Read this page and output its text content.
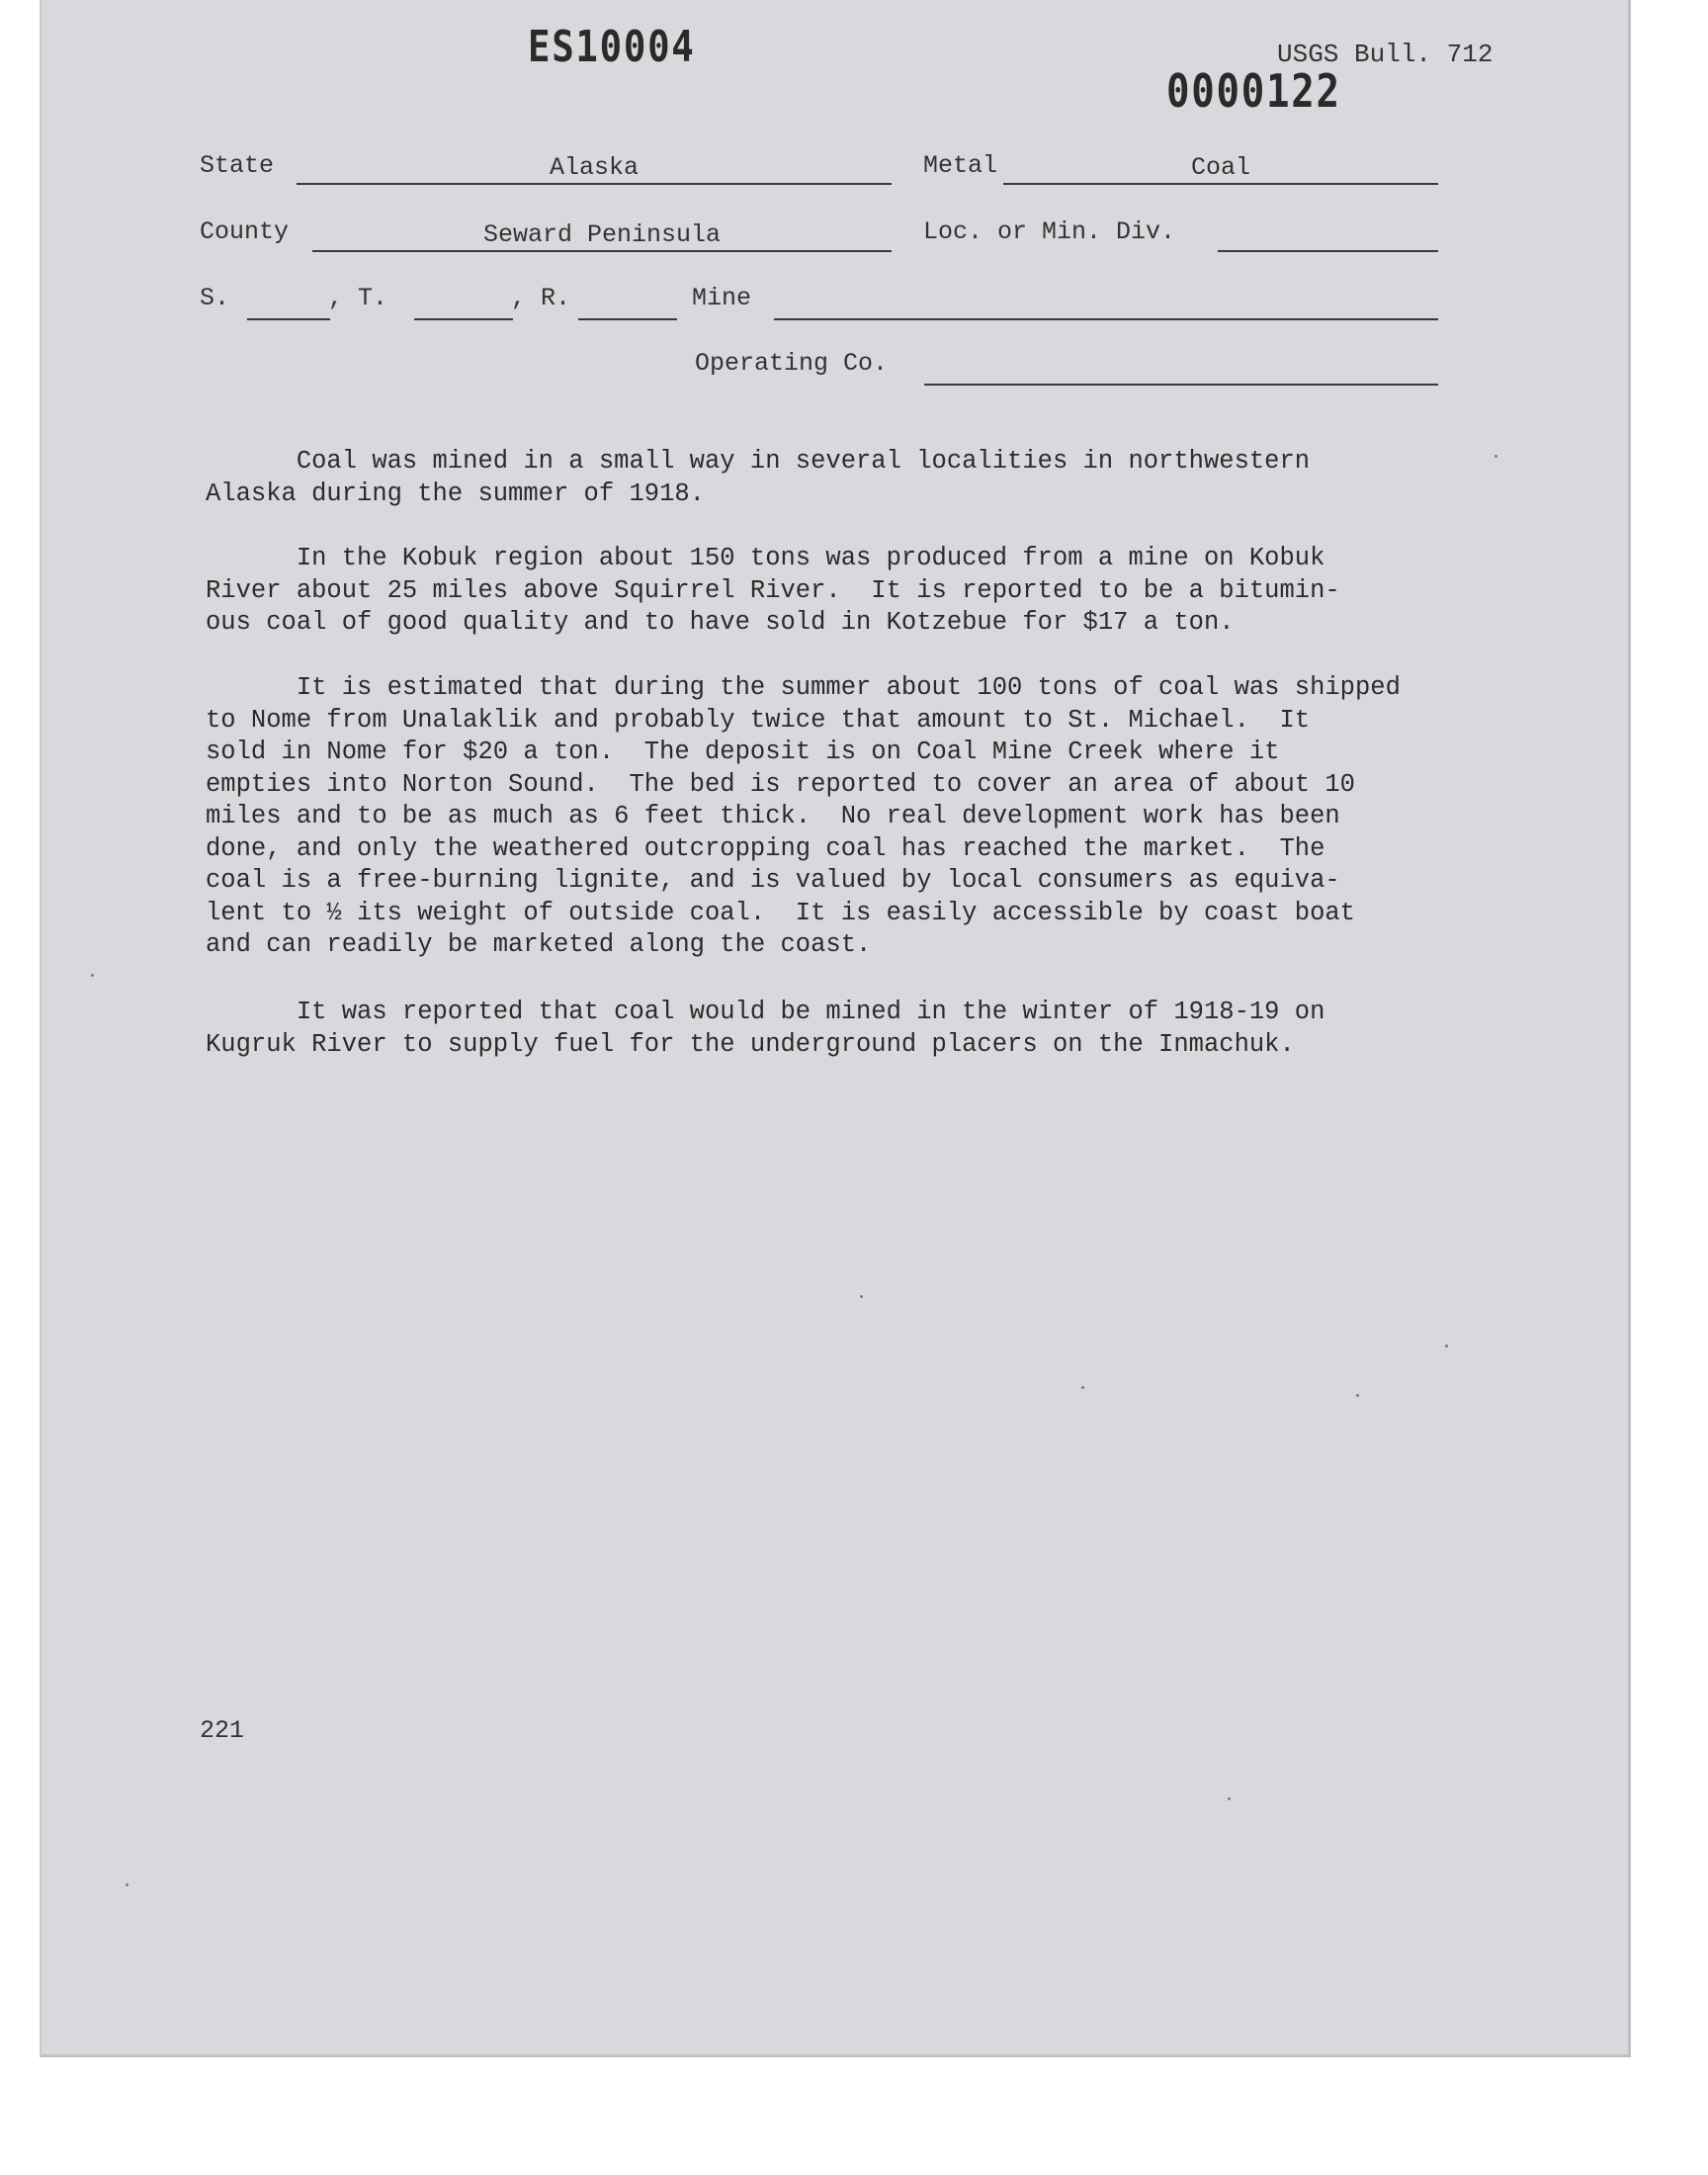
ES10004	USGS Bull. 712
0000122
State	Alaska	Metal	Coal
County	Seward Peninsula	Loc. or Min. Div.
S.	, T.	, R.	Mine
Operating Co.

Coal was mined in a small way in several localities in northwestern
Alaska during the summer of 1918.

In the Kobuk region about 150 tons was produced from a mine on Kobuk
River about 25 miles above Squirrel River.  It is reported to be a bitumin-
ous coal of good quality and to have sold in Kotzebue for $17 a ton.

It is estimated that during the summer about 100 tons of coal was shipped
to Nome from Unalaklik and probably twice that amount to St. Michael.  It
sold in Nome for $20 a ton.  The deposit is on Coal Mine Creek where it
empties into Norton Sound.  The bed is reported to cover an area of about 10
miles and to be as much as 6 feet thick.  No real development work has been
done, and only the weathered outcropping coal has reached the market.  The
coal is a free-burning lignite, and is valued by local consumers as equiva-
lent to ½ its weight of outside coal.  It is easily accessible by coast boat
and can readily be marketed along the coast.

It was reported that coal would be mined in the winter of 1918-19 on
Kugruk River to supply fuel for the underground placers on the Inmachuk.

221
